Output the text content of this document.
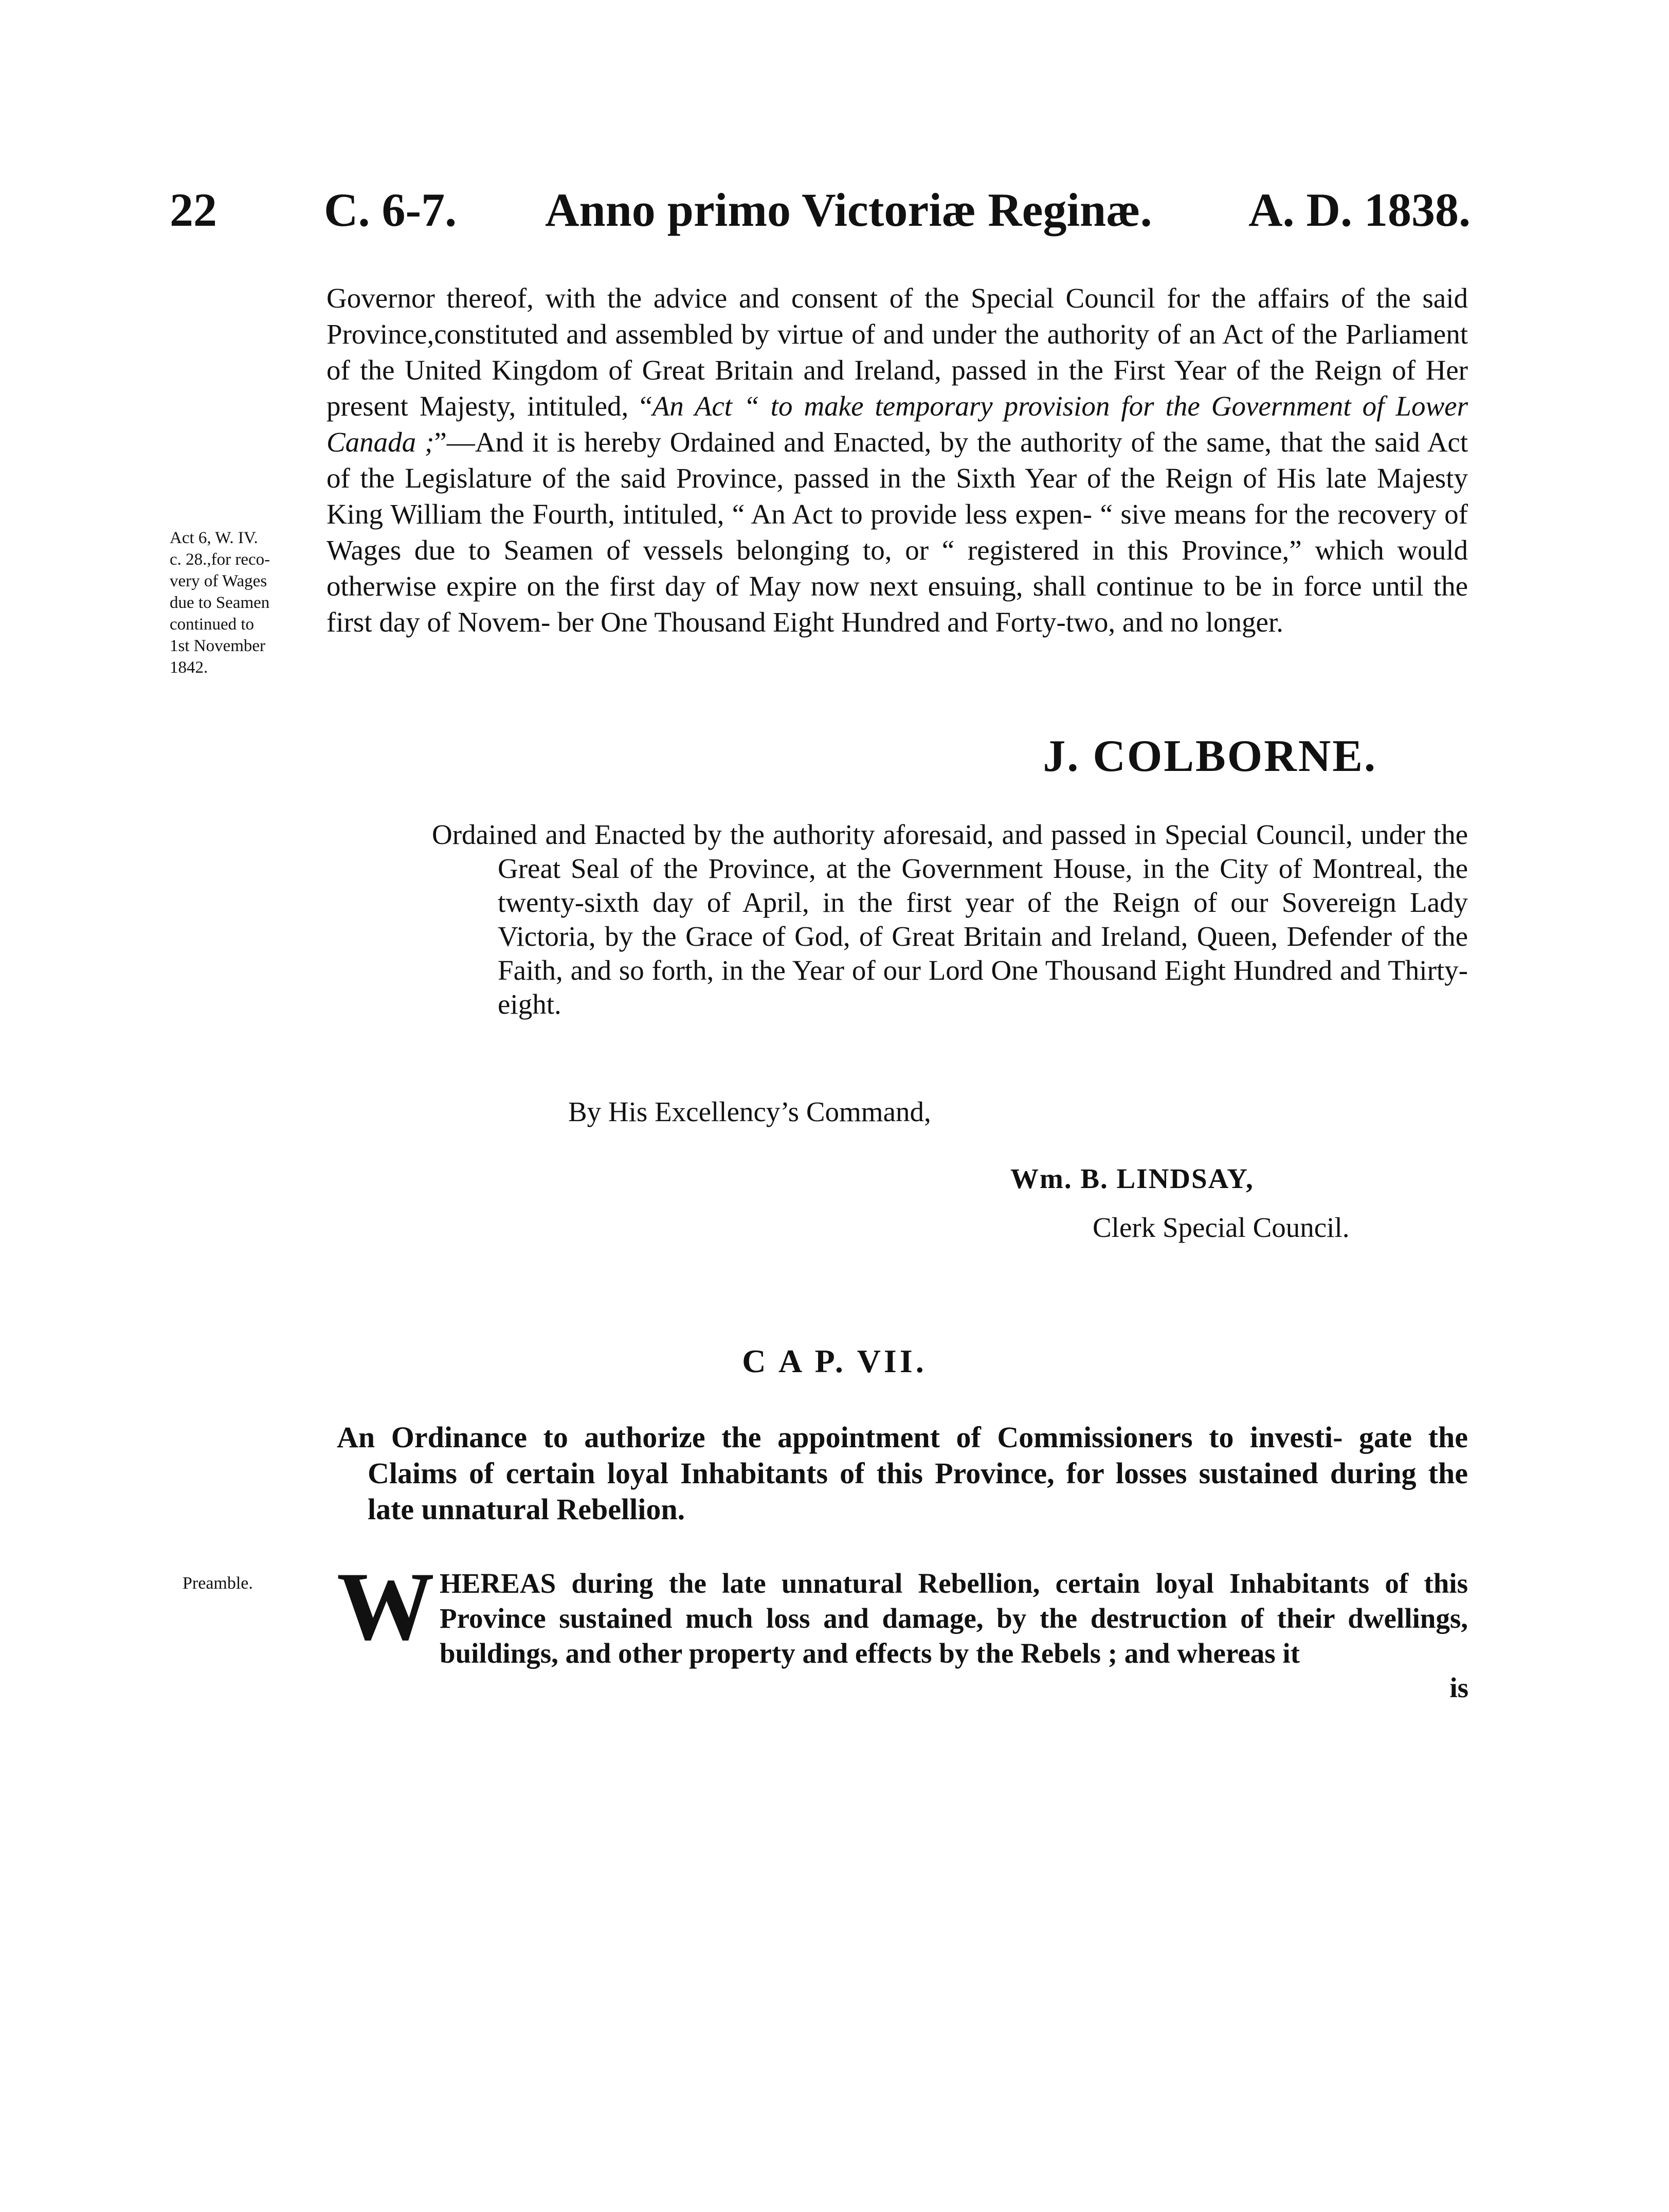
22 C. 6-7. Anno primo Victoriæ Reginæ. A. D. 1838.

Governor thereof, with the advice and consent of the Special Council for the affairs of the said Province,constituted and assembled by virtue of and under the authority of an Act of the Parliament of the United Kingdom of Great Britain and Ireland, passed in the First Year of the Reign of Her present Majesty, intituled, “An Act “ to make temporary provision for the Government of Lower Canada ;”—And it is hereby Ordained and Enacted, by the authority of the same, that the said Act of the Legislature of the said Province, passed in the Sixth Year of the Reign of His late Majesty King William the Fourth, intituled, “ An Act to provide less expen- “ sive means for the recovery of Wages due to Seamen of vessels belonging to, or “ registered in this Province,” which would otherwise expire on the first day of May now next ensuing, shall continue to be in force until the first day of Novem- ber One Thousand Eight Hundred and Forty-two, and no longer.

Act 6, W. IV.
c. 28.,for reco-
very of Wages
due to Seamen
continued to
1st November
1842.
J. COLBORNE.
Ordained and Enacted by the authority aforesaid, and passed in Special Council, under the Great Seal of the Province, at the Government House, in the City of Montreal, the twenty-sixth day of April, in the first year of the Reign of our Sovereign Lady Victoria, by the Grace of God, of Great Britain and Ireland, Queen, Defender of the Faith, and so forth, in the Year of our Lord One Thousand Eight Hundred and Thirty-eight.
By His Excellency’s Command,
Wm. B. LINDSAY,
Clerk Special Council.
C A P. VII.
An Ordinance to authorize the appointment of Commissioners to investi- gate the Claims of certain loyal Inhabitants of this Province, for losses sustained during the late unnatural Rebellion.
Preamble. WHEREAS during the late unnatural Rebellion, certain loyal Inhabitants of this Province sustained much loss and damage, by the destruction of their dwellings, buildings, and other property and effects by the Rebels ; and whereas it
is
